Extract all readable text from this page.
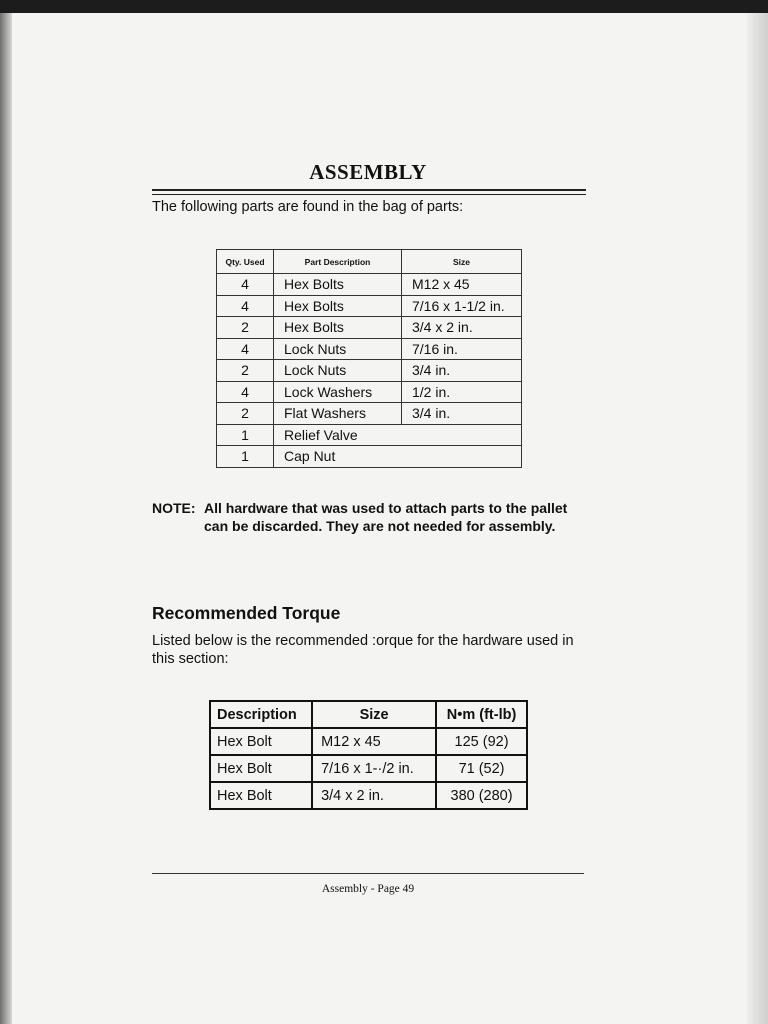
ASSEMBLY

The following parts are found in the bag of parts:

Qty. Used	Part Description	Size
4	Hex Bolts	M12 x 45
4	Hex Bolts	7/16 x 1-1/2 in.
2	Hex Bolts	3/4 x 2 in.
4	Lock Nuts	7/16 in.
2	Lock Nuts	3/4 in.
4	Lock Washers	1/2 in.
2	Flat Washers	3/4 in.
1	Relief Valve	
1	Cap Nut	
NOTE: All hardware that was used to attach parts to the pallet can be discarded. They are not needed for assembly.
Recommended Torque

Listed below is the recommended :orque for the hardware used in this section:

Description	Size	N•m (ft-lb)
Hex Bolt	M12 x 45	125 (92)
Hex Bolt	7/16 x 1-·/2 in.	71 (52)
Hex Bolt	3/4 x 2 in.	380 (280)
Assembly - Page 49
